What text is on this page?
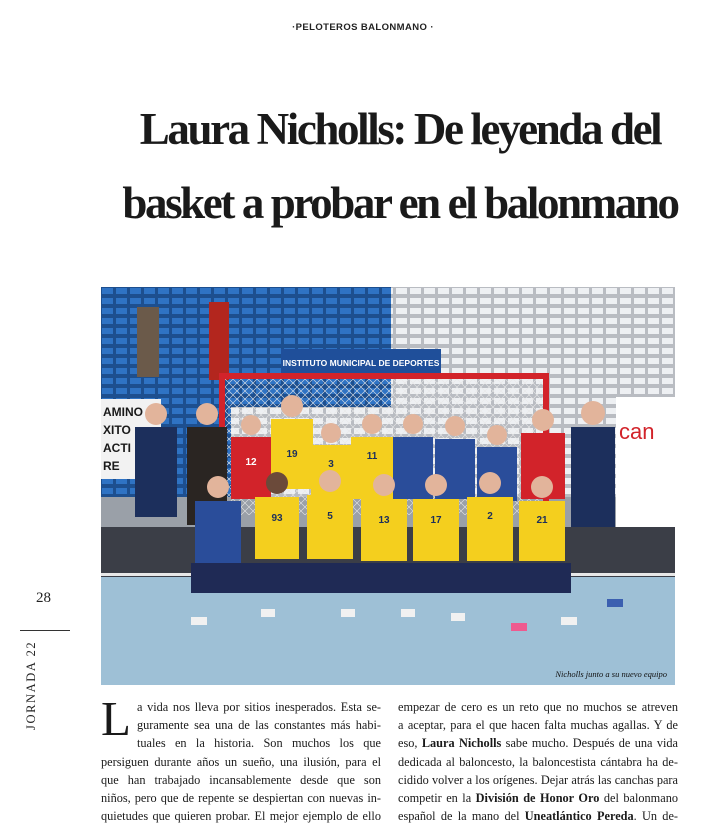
·PELOTEROS BALONMANO ·
Laura Nicholls: De leyenda del
basket a probar en el balonmano
INSTITUTO MUNICIPAL DE DEPORTES
AMINO
XITO
ACTI
RE
can
19
3
12
11
93	13	17	2	21
5
Nicholls junto a su nuevo equipo
28
JORNADA 22 L a vida nos lleva por sitios inesperados. Esta se-
guramente sea una de las constantes más habi-
tuales en la historia. Son muchos los que
persiguen durante años un sueño, una ilusión, para el
que han trabajado incansablemente desde que son
niños, pero que de repente se despiertan con nuevas in-
quietudes que quieren probar. El mejor ejemplo de ello
empezar de cero es un reto que no muchos se atreven
a aceptar, para el que hacen falta muchas agallas. Y de
eso, Laura Nicholls sabe mucho. Después de una vida
dedicada al baloncesto, la baloncestista cántabra ha de-
cidido volver a los orígenes. Dejar atrás las canchas para
competir en la División de Honor Oro del balonmano
español de la mano del Uneatlántico Pereda. Un de-
